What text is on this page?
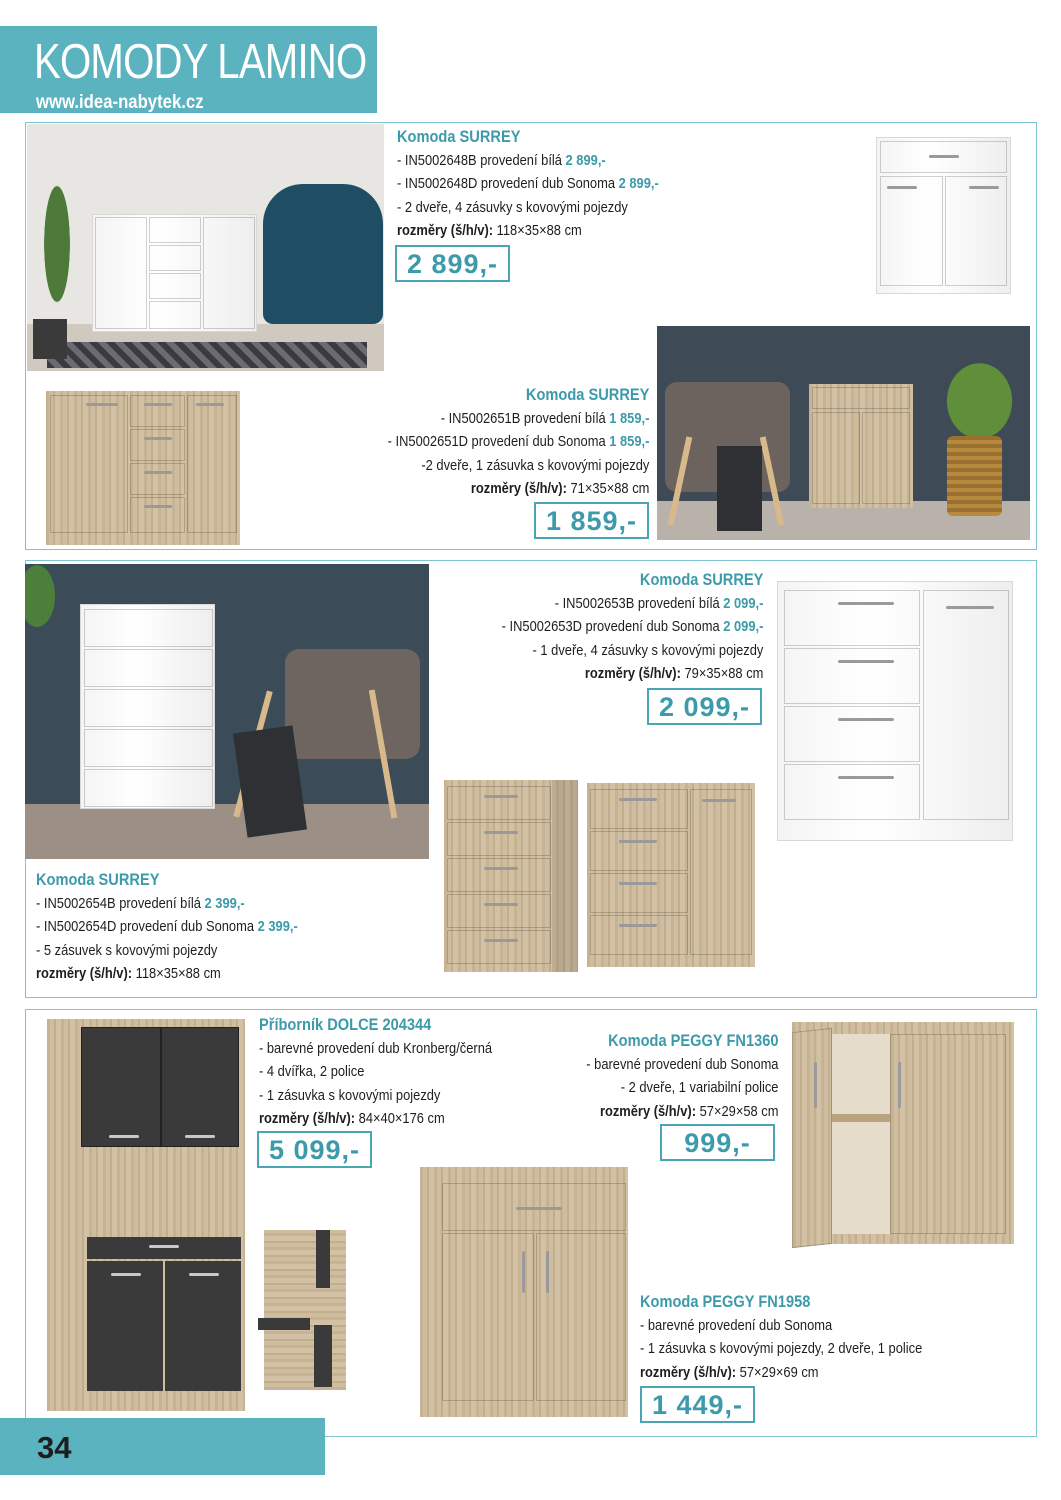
KOMODY LAMINO
www.idea-nabytek.cz
Komoda SURREY
- IN5002648B provedení bílá 2 899,-
- IN5002648D provedení dub Sonoma 2 899,-
- 2 dveře, 4 zásuvky s kovovými pojezdy
rozměry (š/h/v): 118×35×88 cm
2 899,-
Komoda SURREY
- IN5002651B provedení bílá 1 859,-
- IN5002651D provedení dub Sonoma 1 859,-
-2 dveře, 1 zásuvka s kovovými pojezdy
rozměry (š/h/v): 71×35×88 cm
1 859,-
Komoda SURREY
- IN5002653B provedení bílá 2 099,-
- IN5002653D provedení dub Sonoma 2 099,-
- 1 dveře, 4 zásuvky s kovovými pojezdy
rozměry (š/h/v): 79×35×88 cm
2 099,-
Komoda SURREY
- IN5002654B provedení bílá 2 399,-
- IN5002654D provedení dub Sonoma 2 399,-
- 5 zásuvek s kovovými pojezdy
rozměry (š/h/v): 118×35×88 cm
Příborník DOLCE 204344
- barevné provedení dub Kronberg/černá
- 4 dvířka, 2 police
- 1 zásuvka s kovovými pojezdy
rozměry (š/h/v): 84×40×176 cm
5 099,-
Komoda PEGGY FN1360
- barevné provedení dub Sonoma
- 2 dveře, 1 variabilní police
rozměry (š/h/v): 57×29×58 cm
999,-
Komoda PEGGY FN1958
- barevné provedení dub Sonoma
- 1 zásuvka s kovovými pojezdy, 2 dveře, 1 police
rozměry (š/h/v): 57×29×69 cm
1 449,-
34
